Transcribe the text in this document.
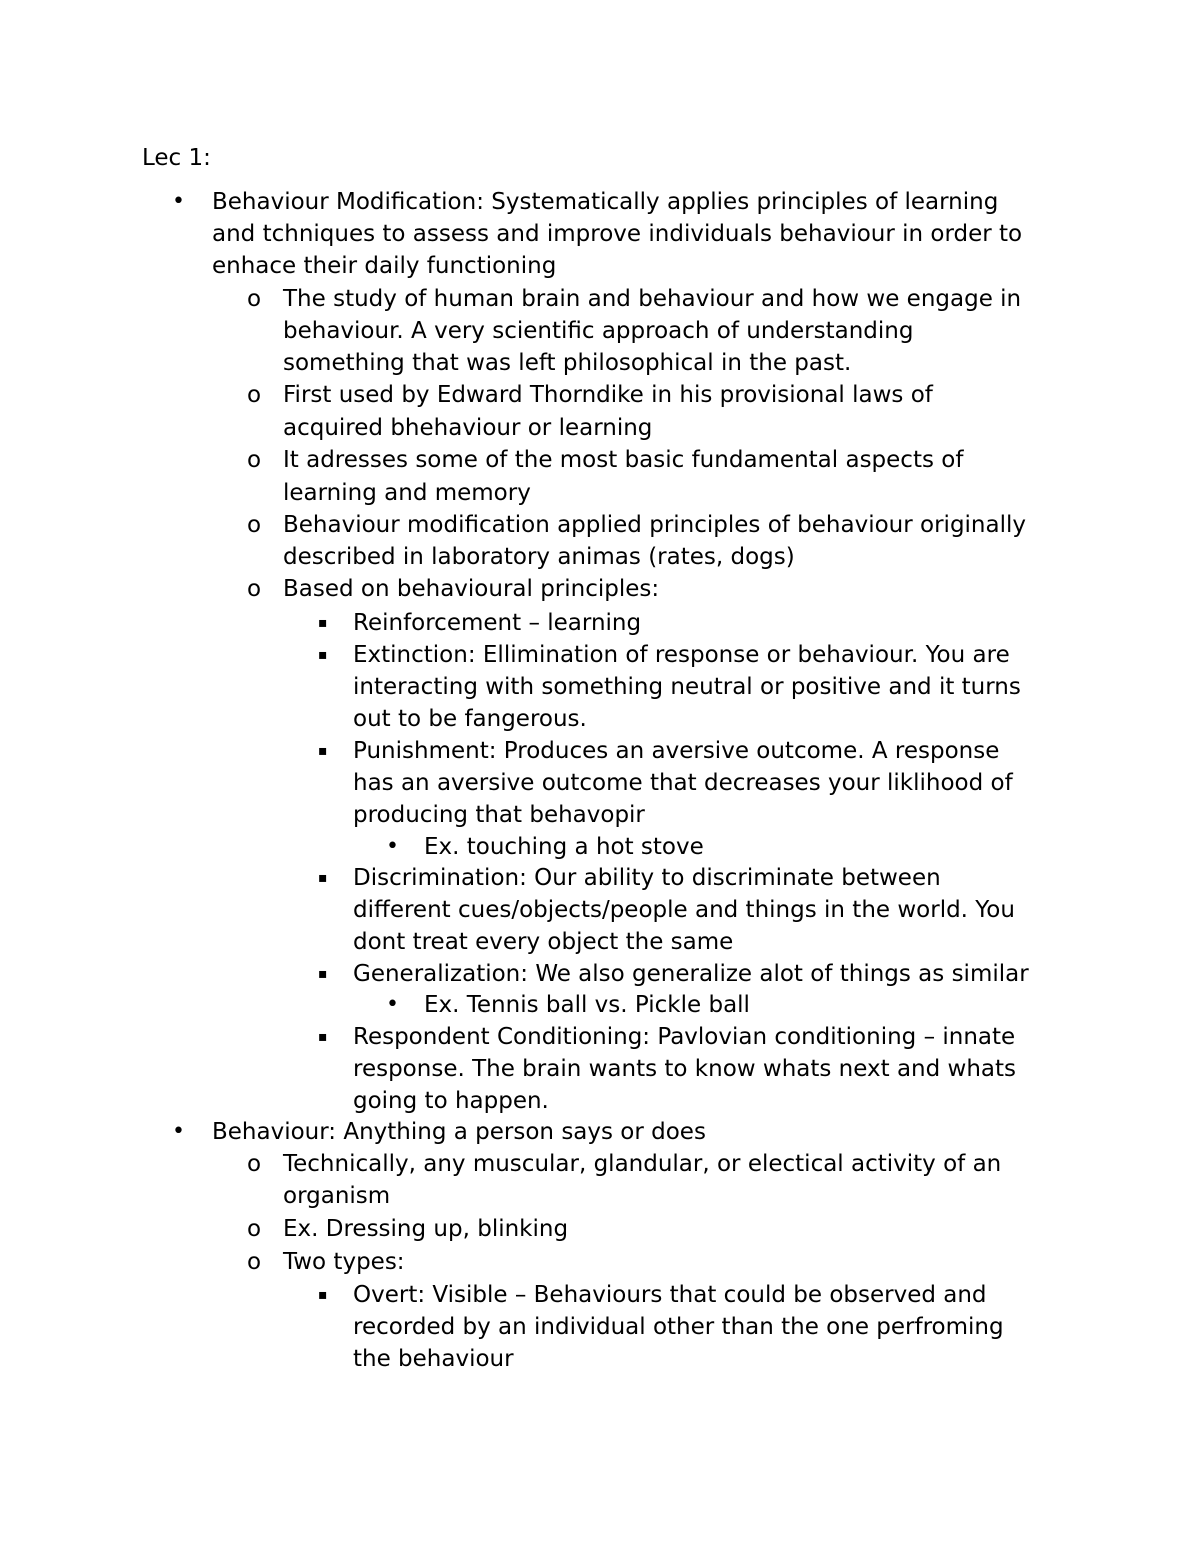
Lec 1:
• Behaviour Modification: Systematically applies principles of learning
and tchniques to assess and improve individuals behaviour in order to
enhace their daily functioning
o The study of human brain and behaviour and how we engage in
behaviour. A very scientific approach of understanding
something that was left philosophical in the past.
o First used by Edward Thorndike in his provisional laws of
acquired bhehaviour or learning
o It adresses some of the most basic fundamental aspects of
learning and memory
o Behaviour modification applied principles of behaviour originally
described in laboratory animas (rates, dogs)
o Based on behavioural principles:
▪ Reinforcement – learning
▪ Extinction: Ellimination of response or behaviour. You are
interacting with something neutral or positive and it turns
out to be fangerous.
▪ Punishment: Produces an aversive outcome. A response
has an aversive outcome that decreases your liklihood of
producing that behavopir
• Ex. touching a hot stove
▪ Discrimination: Our ability to discriminate between
different cues/objects/people and things in the world. You
dont treat every object the same
▪ Generalization: We also generalize alot of things as similar
• Ex. Tennis ball vs. Pickle ball
▪ Respondent Conditioning: Pavlovian conditioning – innate
response. The brain wants to know whats next and whats
going to happen.
• Behaviour: Anything a person says or does
o Technically, any muscular, glandular, or electical activity of an
organism
o Ex. Dressing up, blinking
o Two types:
▪ Overt: Visible – Behaviours that could be observed and
recorded by an individual other than the one perfroming
the behaviour
